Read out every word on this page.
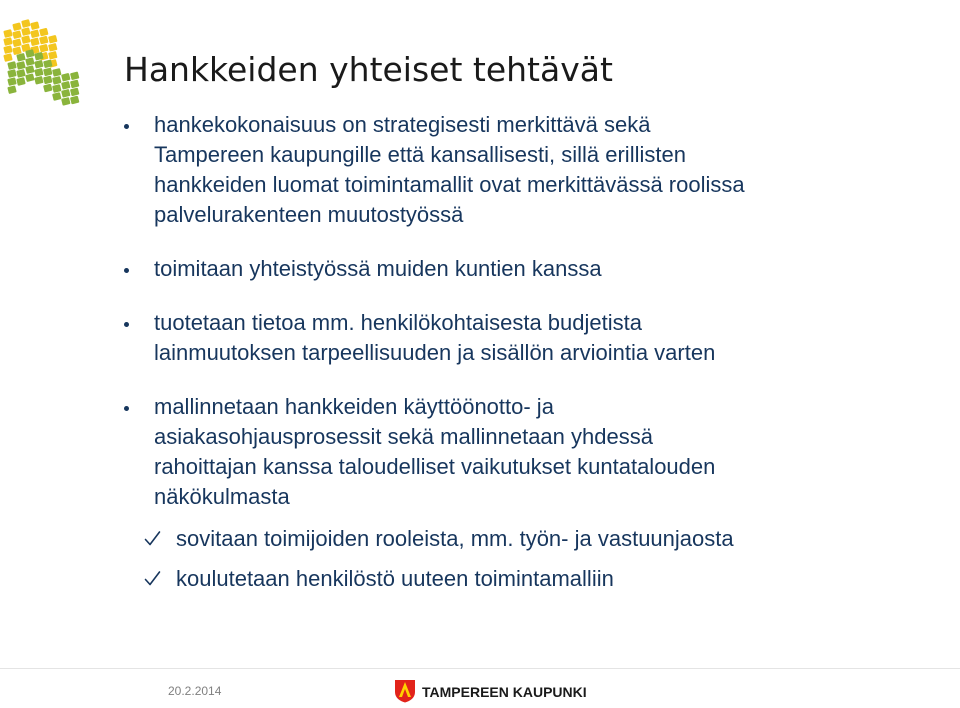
Hankkeiden yhteiset tehtävät
hankekokonaisuus on strategisesti merkittävä sekä
Tampereen kaupungille että kansallisesti, sillä erillisten
hankkeiden luomat toimintamallit ovat merkittävässä roolissa
palvelurakenteen muutostyössä
toimitaan yhteistyössä muiden kuntien kanssa
tuotetaan tietoa mm. henkilökohtaisesta budjetista
lainmuutoksen tarpeellisuuden ja sisällön arviointia varten
mallinnetaan hankkeiden käyttöönotto- ja
asiakasohjausprosessit sekä mallinnetaan yhdessä
rahoittajan kanssa taloudelliset vaikutukset kuntatalouden
näkökulmasta
sovitaan toimijoiden rooleista, mm. työn- ja vastuunjaosta
koulutetaan henkilöstö uuteen toimintamalliin
20.2.2014	TAMPEREEN KAUPUNKI
